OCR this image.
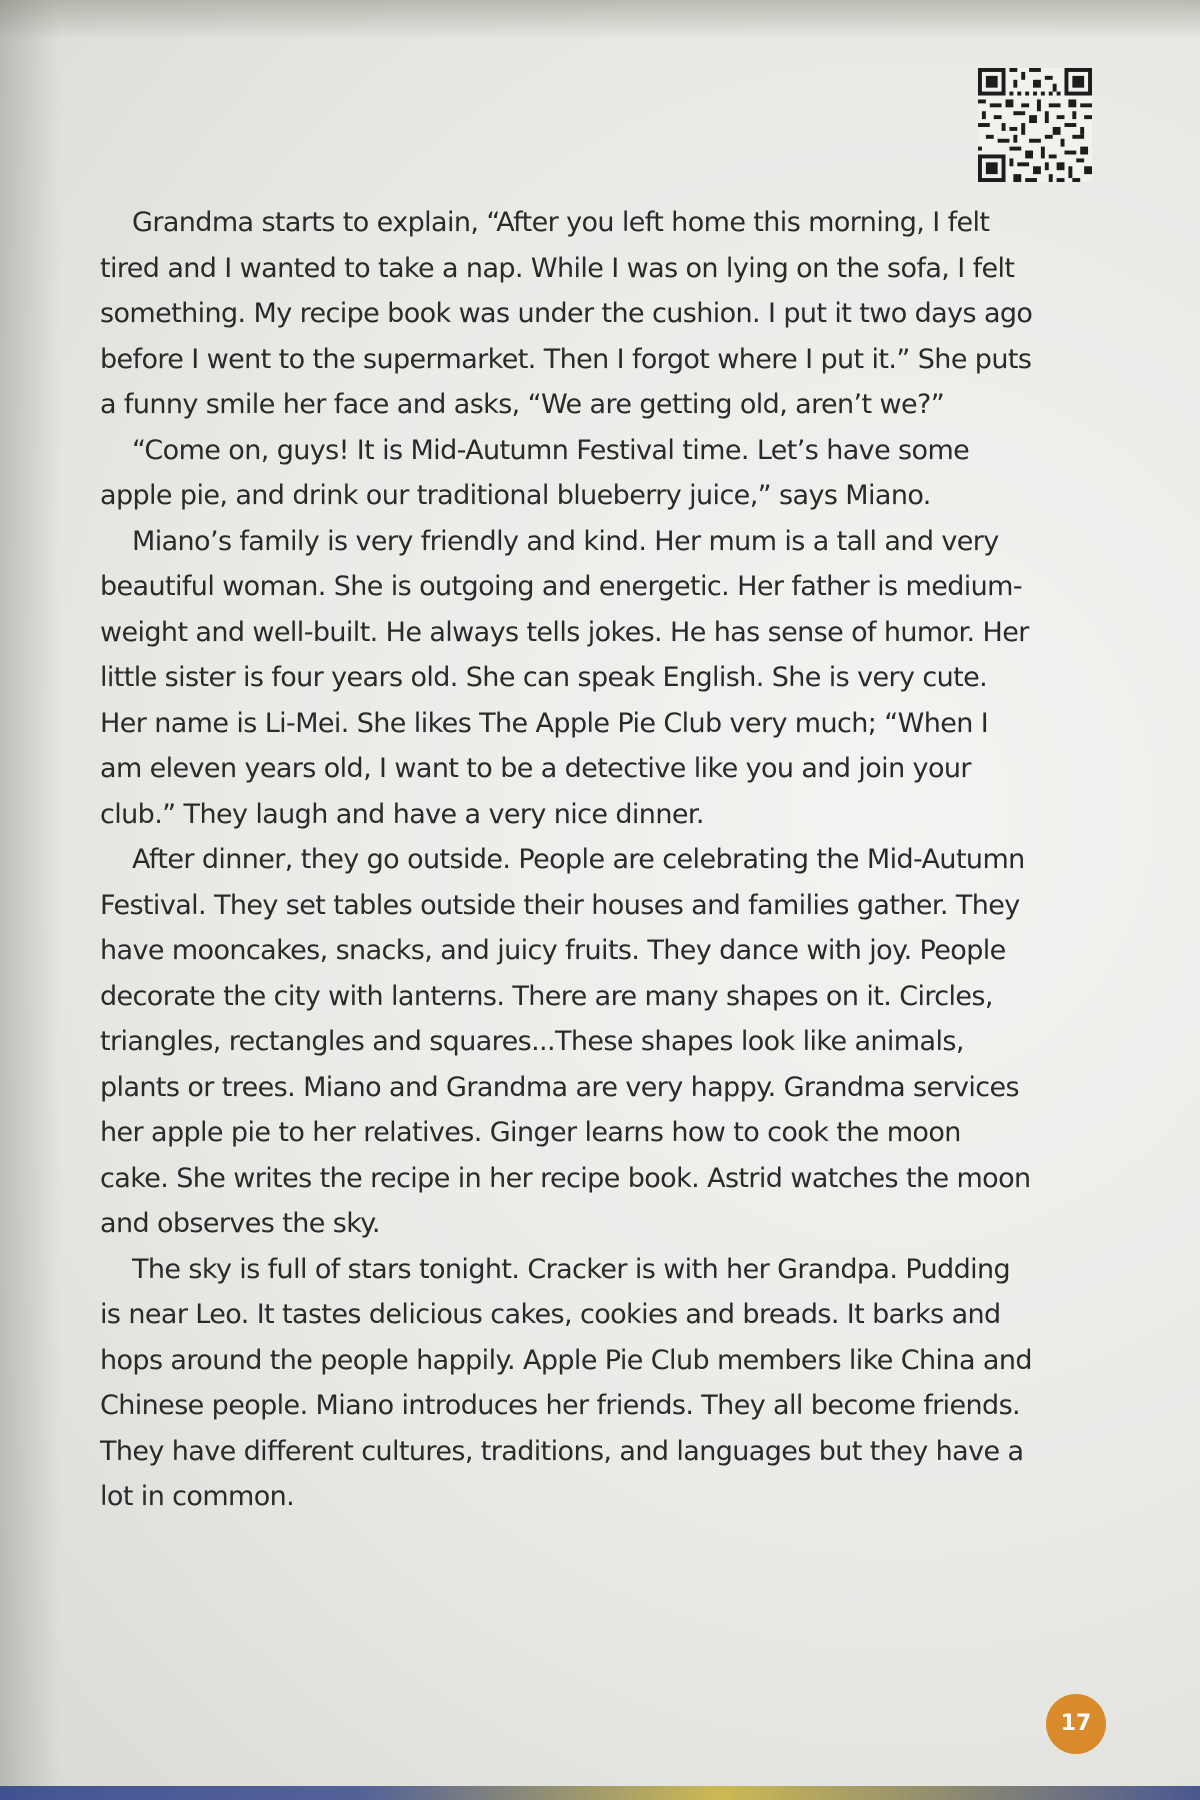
Grandma starts to explain, “After you left home this morning, I felt tired and I wanted to take a nap. While I was on lying on the sofa, I felt something. My recipe book was under the cushion. I put it two days ago before I went to the supermarket. Then I forgot where I put it.” She puts a funny smile her face and asks, “We are getting old, aren’t we?”

“Come on, guys! It is Mid-Autumn Festival time. Let’s have some apple pie, and drink our traditional blueberry juice,” says Miano.

Miano’s family is very friendly and kind. Her mum is a tall and very beautiful woman. She is outgoing and energetic. Her father is medium-weight and well-built. He always tells jokes. He has sense of humor. Her little sister is four years old. She can speak English. She is very cute. Her name is Li-Mei. She likes The Apple Pie Club very much; “When I am eleven years old, I want to be a detective like you and join your club.” They laugh and have a very nice dinner.

After dinner, they go outside. People are celebrating the Mid-Autumn Festival. They set tables outside their houses and families gather. They have mooncakes, snacks, and juicy fruits. They dance with joy. People decorate the city with lanterns. There are many shapes on it. Circles, triangles, rectangles and squares...These shapes look like animals, plants or trees. Miano and Grandma are very happy. Grandma services her apple pie to her relatives. Ginger learns how to cook the moon cake. She writes the recipe in her recipe book. Astrid watches the moon and observes the sky.

The sky is full of stars tonight. Cracker is with her Grandpa. Pudding is near Leo. It tastes delicious cakes, cookies and breads. It barks and hops around the people happily. Apple Pie Club members like China and Chinese people. Miano introduces her friends. They all become friends. They have different cultures, traditions, and languages but they have a lot in common.

17
